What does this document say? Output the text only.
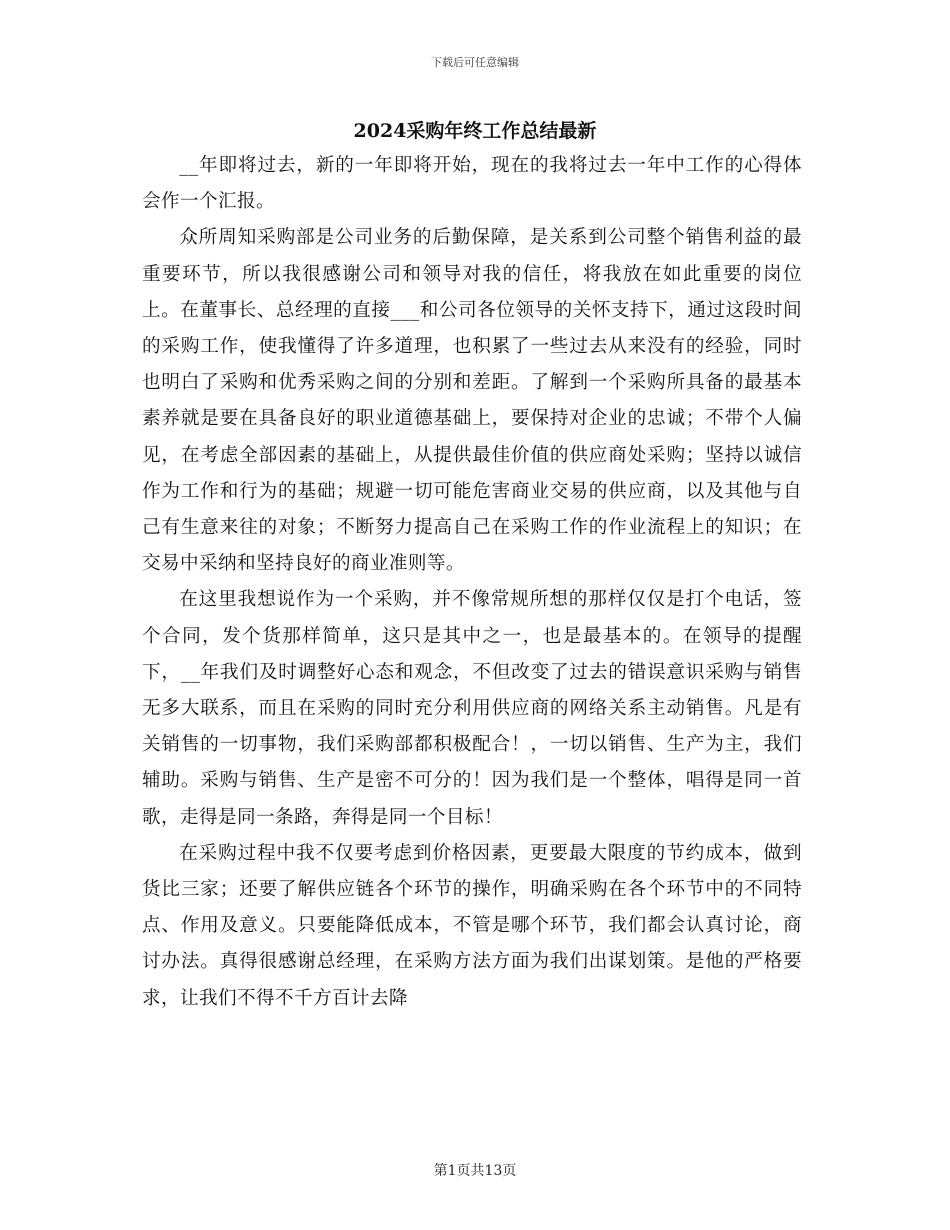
下载后可任意编辑
2024采购年终工作总结最新

__年即将过去，新的一年即将开始，现在的我将过去一年中工作的心得体会作一个汇报。

众所周知采购部是公司业务的后勤保障，是关系到公司整个销售利益的最重要环节，所以我很感谢公司和领导对我的信任，将我放在如此重要的岗位上。在董事长、总经理的直接___和公司各位领导的关怀支持下，通过这段时间的采购工作，使我懂得了许多道理，也积累了一些过去从来没有的经验，同时也明白了采购和优秀采购之间的分别和差距。了解到一个采购所具备的最基本素养就是要在具备良好的职业道德基础上，要保持对企业的忠诚；不带个人偏见，在考虑全部因素的基础上，从提供最佳价值的供应商处采购；坚持以诚信作为工作和行为的基础；规避一切可能危害商业交易的供应商，以及其他与自己有生意来往的对象；不断努力提高自己在采购工作的作业流程上的知识；在交易中采纳和坚持良好的商业准则等。

在这里我想说作为一个采购，并不像常规所想的那样仅仅是打个电话，签个合同，发个货那样简单，这只是其中之一，也是最基本的。在领导的提醒下，__年我们及时调整好心态和观念，不但改变了过去的错误意识采购与销售无多大联系，而且在采购的同时充分利用供应商的网络关系主动销售。凡是有关销售的一切事物，我们采购部都积极配合！，一切以销售、生产为主，我们辅助。采购与销售、生产是密不可分的！因为我们是一个整体，唱得是同一首歌，走得是同一条路，奔得是同一个目标！

在采购过程中我不仅要考虑到价格因素，更要最大限度的节约成本，做到货比三家；还要了解供应链各个环节的操作，明确采购在各个环节中的不同特点、作用及意义。只要能降低成本，不管是哪个环节，我们都会认真讨论，商讨办法。真得很感谢总经理，在采购方法方面为我们出谋划策。是他的严格要求，让我们不得不千方百计去降

第1页共13页
